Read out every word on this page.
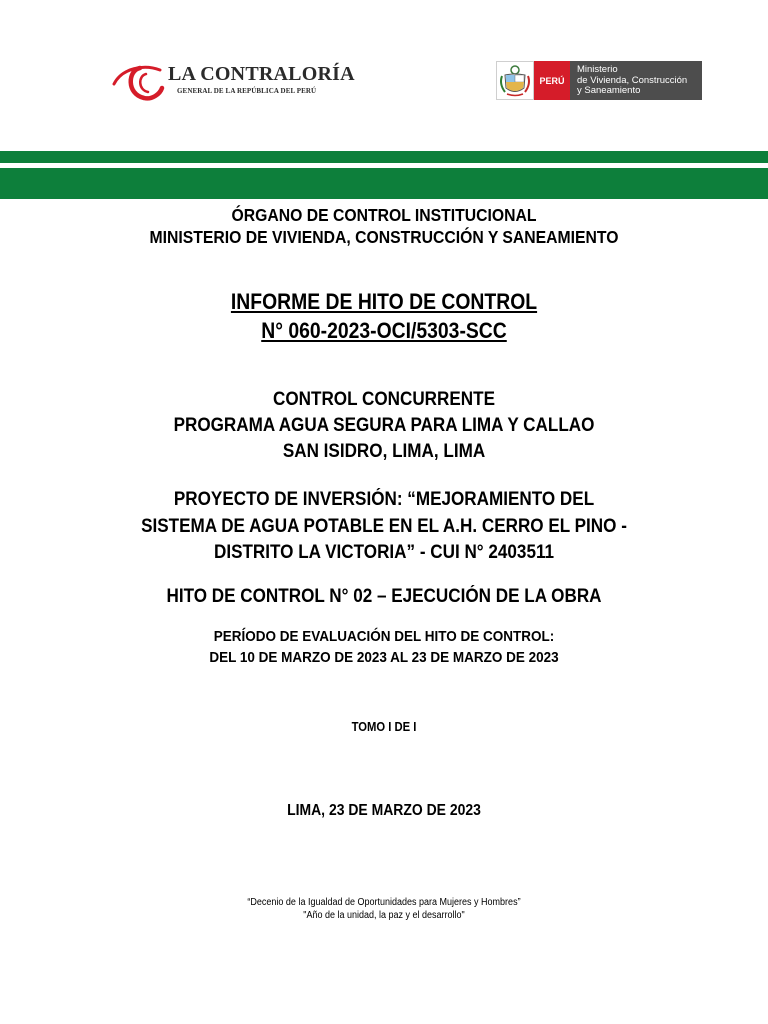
LA CONTRALORÍA
GENERAL DE LA REPÚBLICA DEL PERÚ
PERÚ
Ministerio
de Vivienda, Construcción
y Saneamiento
ÓRGANO DE CONTROL INSTITUCIONAL
MINISTERIO DE VIVIENDA, CONSTRUCCIÓN Y SANEAMIENTO
INFORME DE HITO DE CONTROL
N° 060-2023-OCI/5303-SCC
CONTROL CONCURRENTE
PROGRAMA AGUA SEGURA PARA LIMA Y CALLAO
SAN ISIDRO, LIMA, LIMA
PROYECTO DE INVERSIÓN: “MEJORAMIENTO DEL
SISTEMA DE AGUA POTABLE EN EL A.H. CERRO EL PINO -
DISTRITO LA VICTORIA” - CUI N° 2403511
HITO DE CONTROL N° 02 – EJECUCIÓN DE LA OBRA
PERÍODO DE EVALUACIÓN DEL HITO DE CONTROL:
DEL 10 DE MARZO DE 2023 AL 23 DE MARZO DE 2023
TOMO I DE I
LIMA, 23 DE MARZO DE 2023
“Decenio de la Igualdad de Oportunidades para Mujeres y Hombres”
"Año de la unidad, la paz y el desarrollo"
